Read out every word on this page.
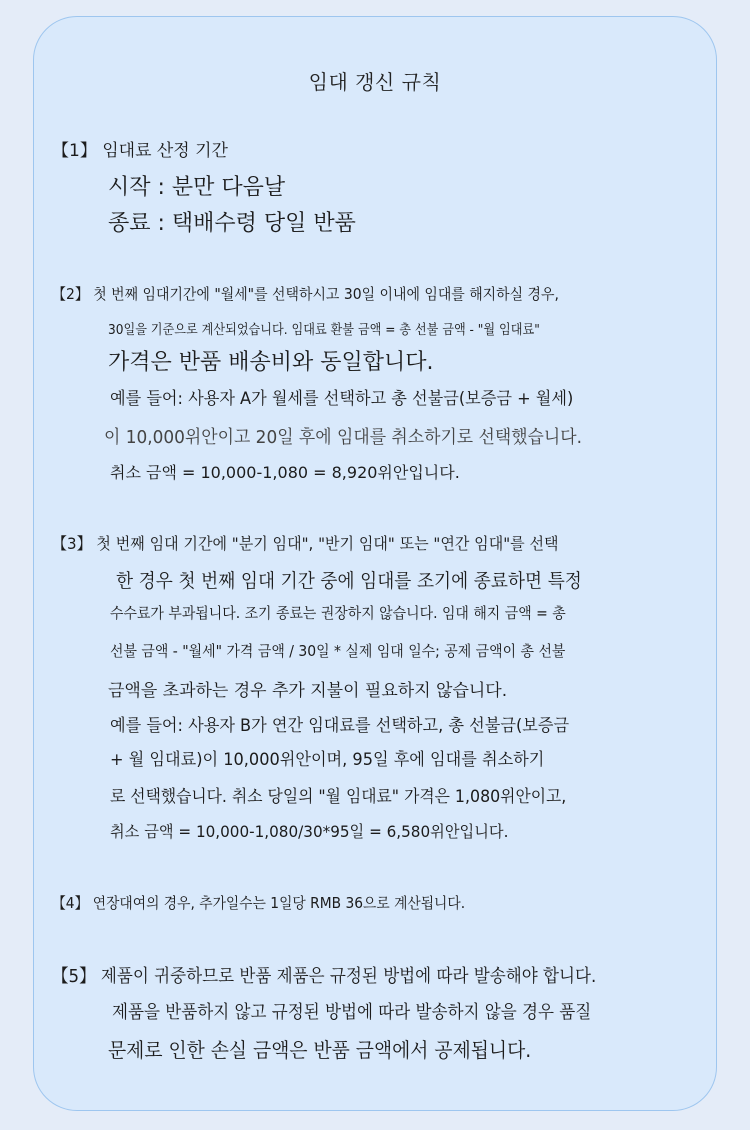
임대 갱신 규칙
【1】 임대료 산정 기간
시작 : 분만 다음날
종료 : 택배수령 당일 반품
【2】 첫 번째 임대기간에 "월세"를 선택하시고 30일 이내에 임대를 해지하실 경우,
30일을 기준으로 계산되었습니다. 임대료 환불 금액 = 총 선불 금액 - "월 임대료"
가격은 반품 배송비와 동일합니다.
예를 들어: 사용자 A가 월세를 선택하고 총 선불금(보증금 + 월세)
이 10,000위안이고 20일 후에 임대를 취소하기로 선택했습니다.
취소 금액 = 10,000-1,080 = 8,920위안입니다.
【3】 첫 번째 임대 기간에 "분기 임대", "반기 임대" 또는 "연간 임대"를 선택
한 경우 첫 번째 임대 기간 중에 임대를 조기에 종료하면 특정
수수료가 부과됩니다. 조기 종료는 권장하지 않습니다. 임대 해지 금액 = 총
선불 금액 - "월세" 가격 금액 / 30일 * 실제 임대 일수; 공제 금액이 총 선불
금액을 초과하는 경우 추가 지불이 필요하지 않습니다.
예를 들어: 사용자 B가 연간 임대료를 선택하고, 총 선불금(보증금
+ 월 임대료)이 10,000위안이며, 95일 후에 임대를 취소하기
로 선택했습니다. 취소 당일의 "월 임대료" 가격은 1,080위안이고,
취소 금액 = 10,000-1,080/30*95일 = 6,580위안입니다.
【4】 연장대여의 경우, 추가일수는 1일당 RMB 36으로 계산됩니다.
【5】 제품이 귀중하므로 반품 제품은 규정된 방법에 따라 발송해야 합니다.
제품을 반품하지 않고 규정된 방법에 따라 발송하지 않을 경우 품질
문제로 인한 손실 금액은 반품 금액에서 공제됩니다.
